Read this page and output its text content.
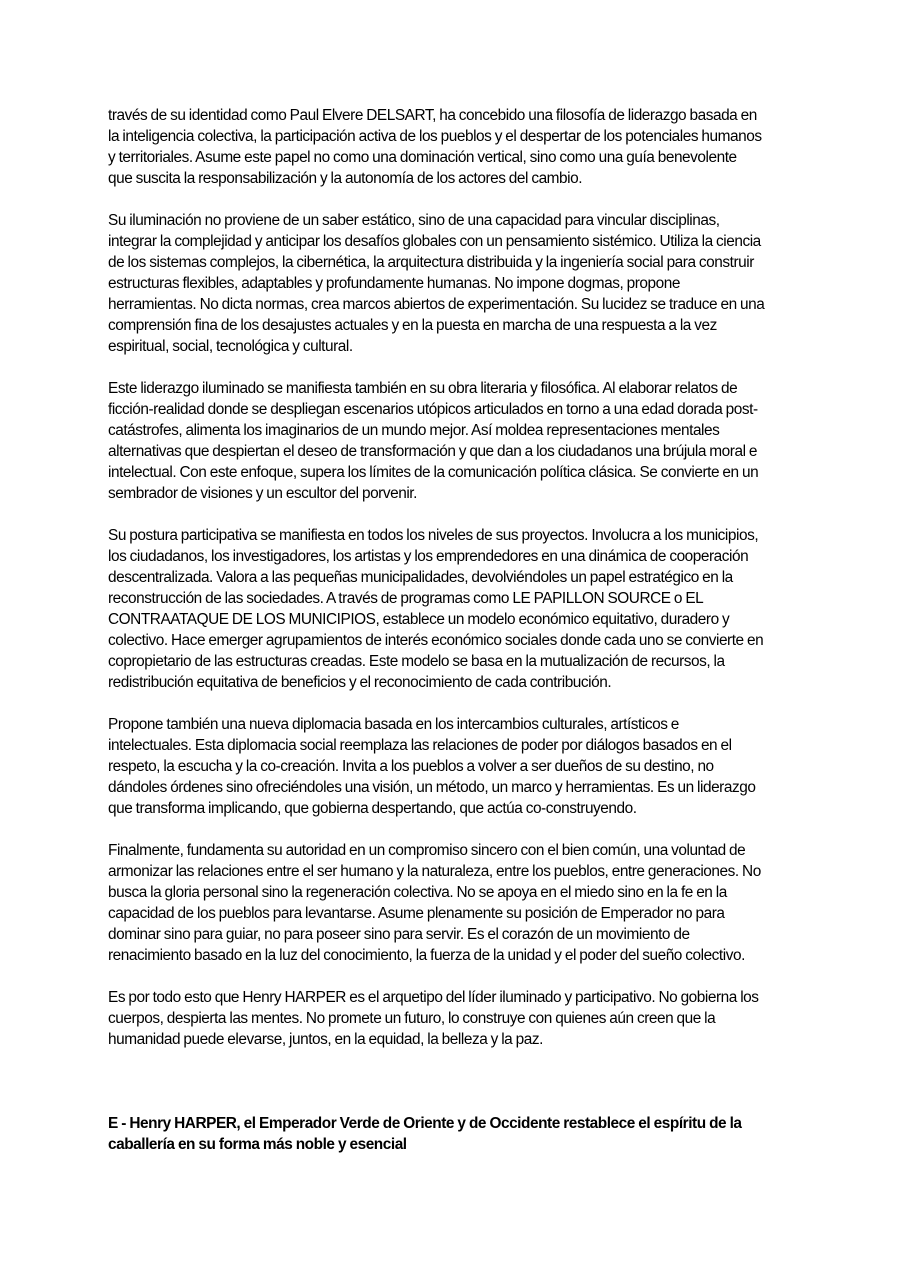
través de su identidad como Paul Elvere DELSART, ha concebido una filosofía de liderazgo basada en
la inteligencia colectiva, la participación activa de los pueblos y el despertar de los potenciales humanos
y territoriales. Asume este papel no como una dominación vertical, sino como una guía benevolente
que suscita la responsabilización y la autonomía de los actores del cambio.

Su iluminación no proviene de un saber estático, sino de una capacidad para vincular disciplinas,
integrar la complejidad y anticipar los desafíos globales con un pensamiento sistémico. Utiliza la ciencia
de los sistemas complejos, la cibernética, la arquitectura distribuida y la ingeniería social para construir
estructuras flexibles, adaptables y profundamente humanas. No impone dogmas, propone
herramientas. No dicta normas, crea marcos abiertos de experimentación. Su lucidez se traduce en una
comprensión fina de los desajustes actuales y en la puesta en marcha de una respuesta a la vez
espiritual, social, tecnológica y cultural.

Este liderazgo iluminado se manifiesta también en su obra literaria y filosófica. Al elaborar relatos de
ficción-realidad donde se despliegan escenarios utópicos articulados en torno a una edad dorada post-
catástrofes, alimenta los imaginarios de un mundo mejor. Así moldea representaciones mentales
alternativas que despiertan el deseo de transformación y que dan a los ciudadanos una brújula moral e
intelectual. Con este enfoque, supera los límites de la comunicación política clásica. Se convierte en un
sembrador de visiones y un escultor del porvenir.

Su postura participativa se manifiesta en todos los niveles de sus proyectos. Involucra a los municipios,
los ciudadanos, los investigadores, los artistas y los emprendedores en una dinámica de cooperación
descentralizada. Valora a las pequeñas municipalidades, devolviéndoles un papel estratégico en la
reconstrucción de las sociedades. A través de programas como LE PAPILLON SOURCE o EL
CONTRAATAQUE DE LOS MUNICIPIOS, establece un modelo económico equitativo, duradero y
colectivo. Hace emerger agrupamientos de interés económico sociales donde cada uno se convierte en
copropietario de las estructuras creadas. Este modelo se basa en la mutualización de recursos, la
redistribución equitativa de beneficios y el reconocimiento de cada contribución.

Propone también una nueva diplomacia basada en los intercambios culturales, artísticos e
intelectuales. Esta diplomacia social reemplaza las relaciones de poder por diálogos basados en el
respeto, la escucha y la co-creación. Invita a los pueblos a volver a ser dueños de su destino, no
dándoles órdenes sino ofreciéndoles una visión, un método, un marco y herramientas. Es un liderazgo
que transforma implicando, que gobierna despertando, que actúa co-construyendo.

Finalmente, fundamenta su autoridad en un compromiso sincero con el bien común, una voluntad de
armonizar las relaciones entre el ser humano y la naturaleza, entre los pueblos, entre generaciones. No
busca la gloria personal sino la regeneración colectiva. No se apoya en el miedo sino en la fe en la
capacidad de los pueblos para levantarse. Asume plenamente su posición de Emperador no para
dominar sino para guiar, no para poseer sino para servir. Es el corazón de un movimiento de
renacimiento basado en la luz del conocimiento, la fuerza de la unidad y el poder del sueño colectivo.

Es por todo esto que Henry HARPER es el arquetipo del líder iluminado y participativo. No gobierna los
cuerpos, despierta las mentes. No promete un futuro, lo construye con quienes aún creen que la
humanidad puede elevarse, juntos, en la equidad, la belleza y la paz.

E - Henry HARPER, el Emperador Verde de Oriente y de Occidente restablece el espíritu de la
caballería en su forma más noble y esencial
